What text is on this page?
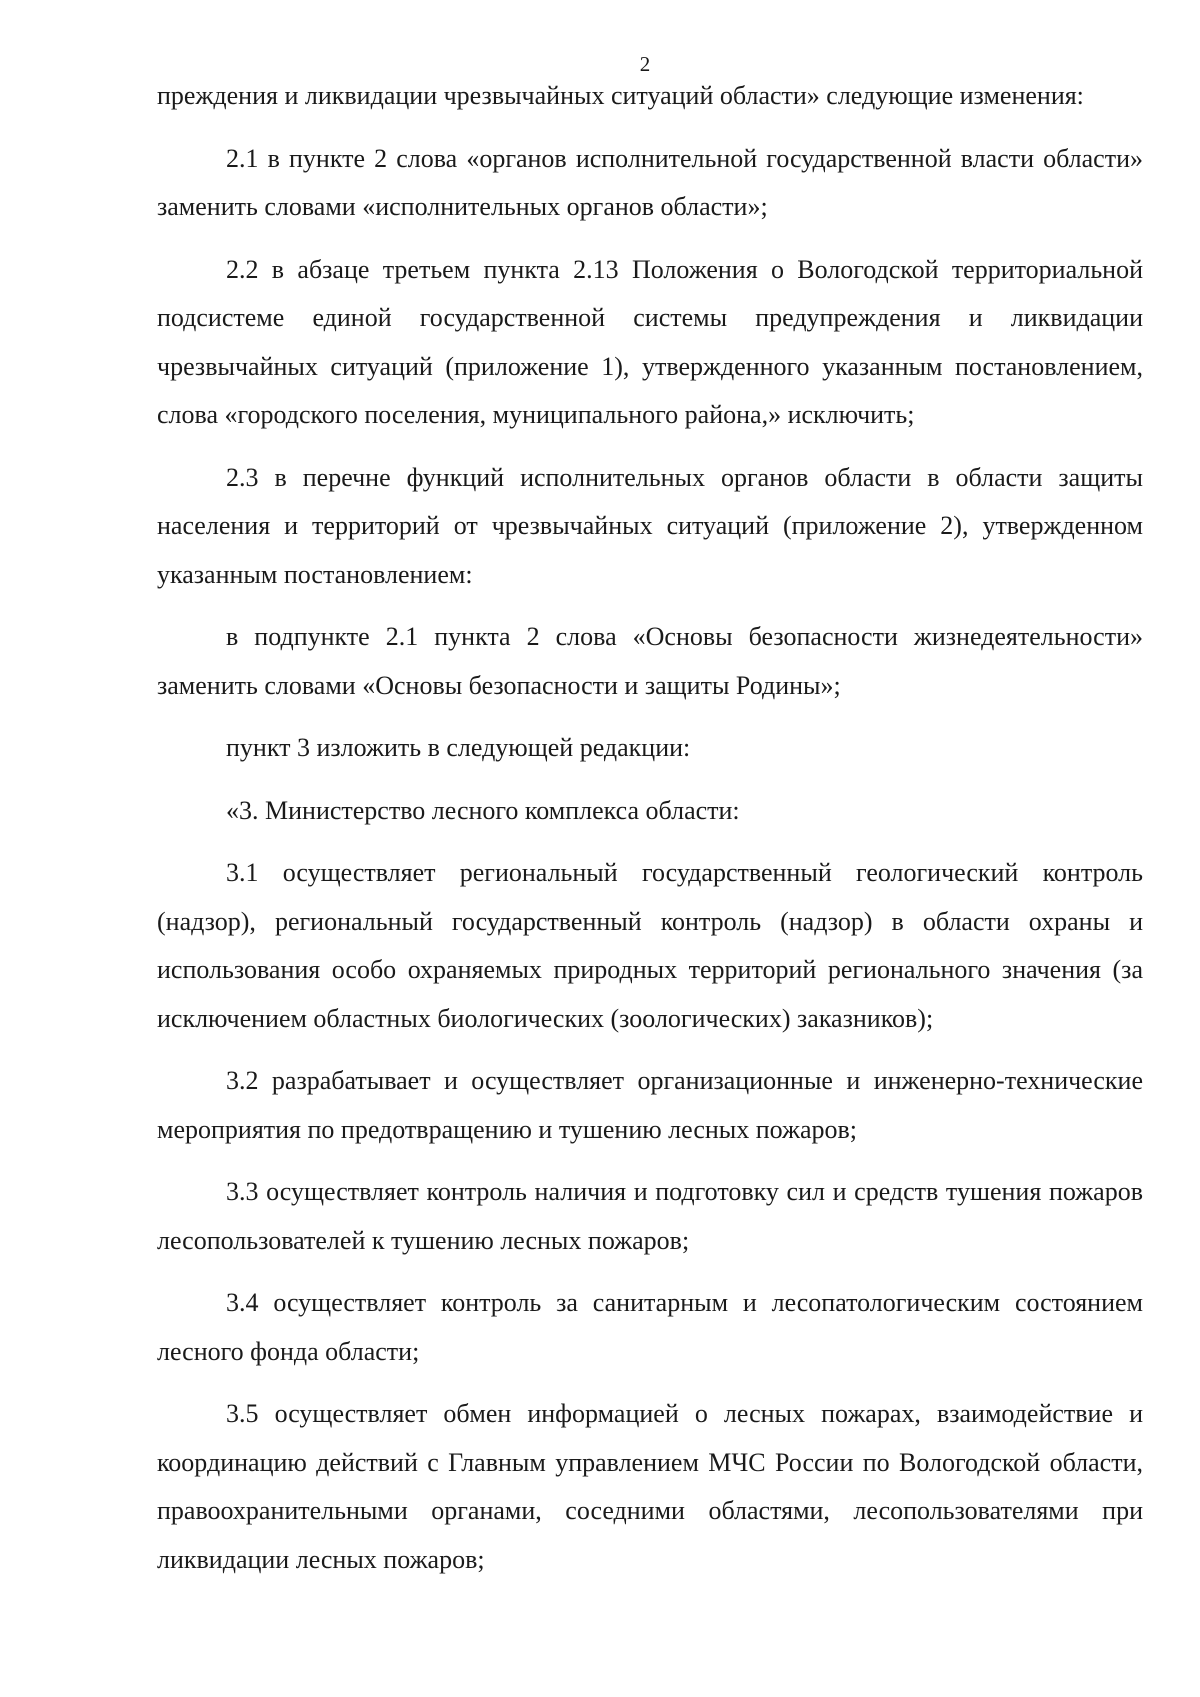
2

преждения и ликвидации чрезвычайных ситуаций области» следующие изменения:

2.1 в пункте 2 слова «органов исполнительной государственной власти области» заменить словами «исполнительных органов области»;

2.2 в абзаце третьем пункта 2.13 Положения о Вологодской территориальной подсистеме единой государственной системы предупреждения и ликвидации чрезвычайных ситуаций (приложение 1), утвержденного указанным постановлением, слова «городского поселения, муниципального района,» исключить;

2.3 в перечне функций исполнительных органов области в области защиты населения и территорий от чрезвычайных ситуаций (приложение 2), утвержденном указанным постановлением:

в подпункте 2.1 пункта 2 слова «Основы безопасности жизнедеятельности» заменить словами «Основы безопасности и защиты Родины»;

пункт 3 изложить в следующей редакции:

«3. Министерство лесного комплекса области:

3.1 осуществляет региональный государственный геологический контроль (надзор), региональный государственный контроль (надзор) в области охраны и использования особо охраняемых природных территорий регионального значения (за исключением областных биологических (зоологических) заказников);

3.2 разрабатывает и осуществляет организационные и инженерно-технические мероприятия по предотвращению и тушению лесных пожаров;

3.3 осуществляет контроль наличия и подготовку сил и средств тушения пожаров лесопользователей к тушению лесных пожаров;

3.4 осуществляет контроль за санитарным и лесопатологическим состоянием лесного фонда области;

3.5 осуществляет обмен информацией о лесных пожарах, взаимодействие и координацию действий с Главным управлением МЧС России по Вологодской области, правоохранительными органами, соседними областями, лесопользователями при ликвидации лесных пожаров;
